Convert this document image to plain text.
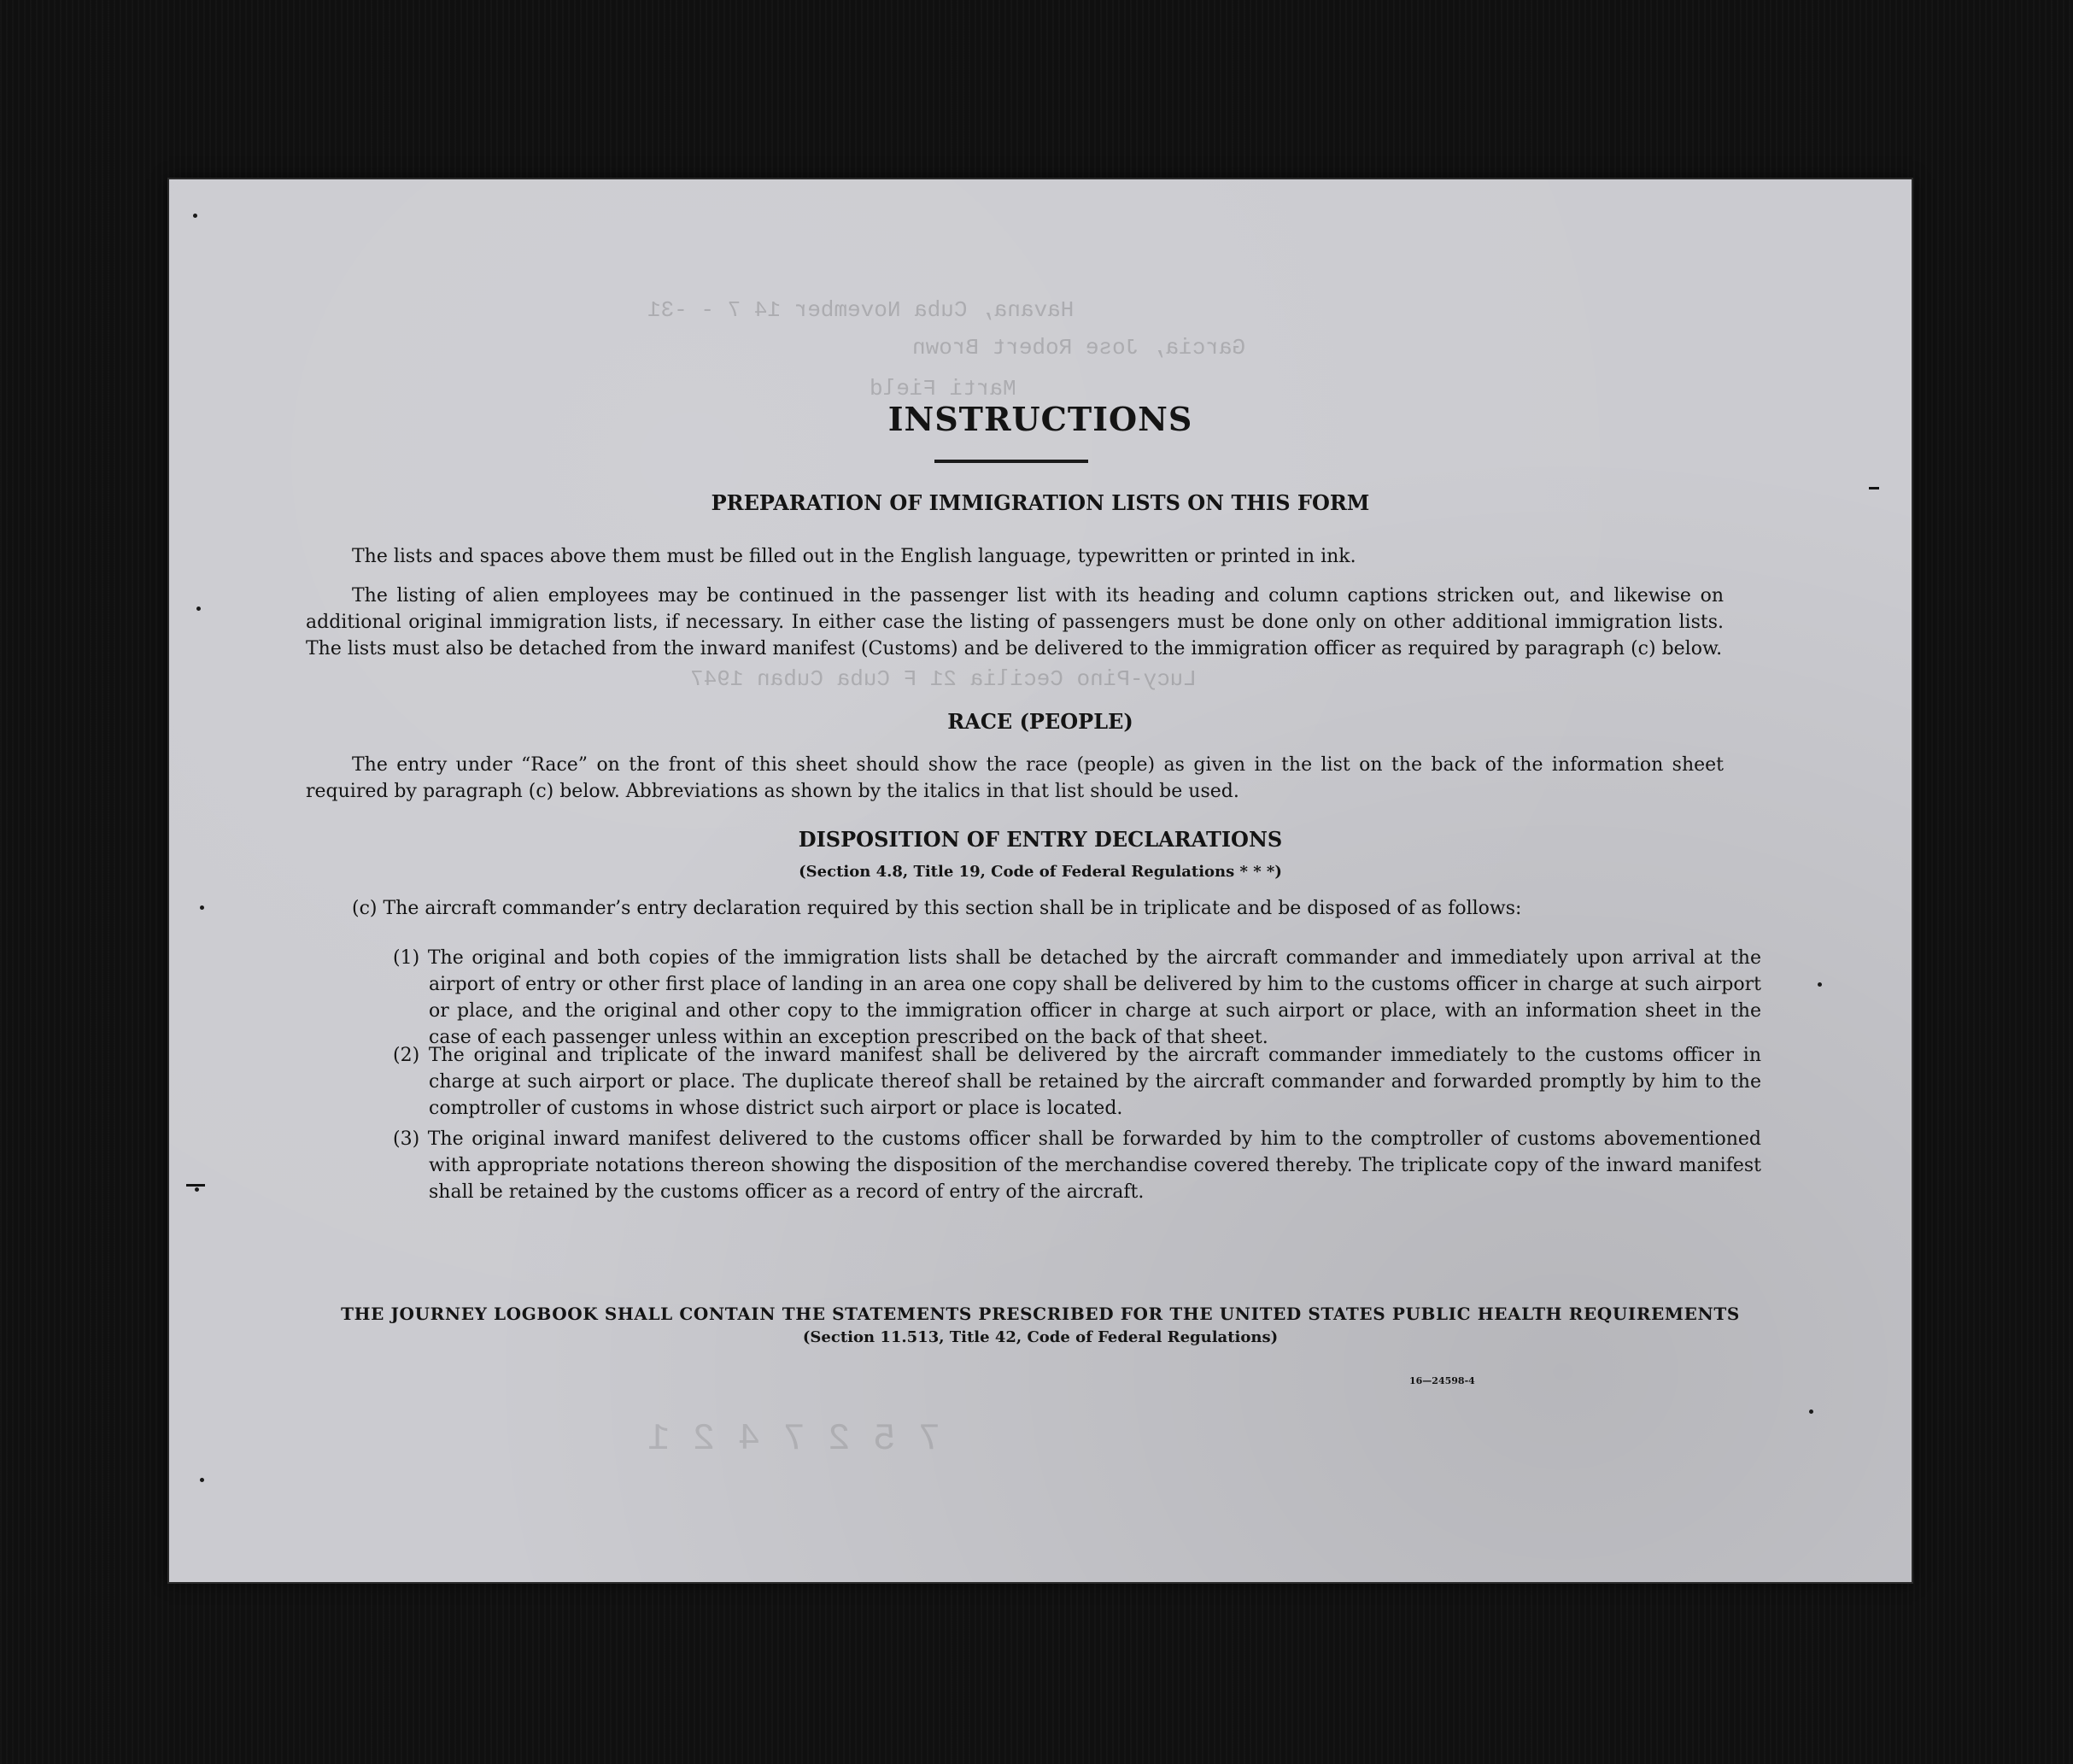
Havana, Cuba November 14 7 - -31
Garcia, Jose Robert Brown
Marti Field
Lucy-Pino Cecilia 21 F Cuba Cuban 1947
7 5 2 7 4 2 1
INSTRUCTIONS
PREPARATION OF IMMIGRATION LISTS ON THIS FORM

The lists and spaces above them must be filled out in the English language, typewritten or printed in ink.

The listing of alien employees may be continued in the passenger list with its heading and column captions stricken out, and likewise on additional original immigration lists, if necessary. In either case the listing of passengers must be done only on other additional immigration lists. The lists must also be detached from the inward manifest (Customs) and be delivered to the immigration officer as required by paragraph (c) below.

RACE (PEOPLE)

The entry under “Race” on the front of this sheet should show the race (people) as given in the list on the back of the information sheet required by paragraph (c) below. Abbreviations as shown by the italics in that list should be used.

DISPOSITION OF ENTRY DECLARATIONS
(Section 4.8, Title 19, Code of Federal Regulations * * *)

(c) The aircraft commander’s entry declaration required by this section shall be in triplicate and be disposed of as follows:

(1) The original and both copies of the immigration lists shall be detached by the aircraft commander and immediately upon arrival at the airport of entry or other first place of landing in an area one copy shall be delivered by him to the customs officer in charge at such airport or place, and the original and other copy to the immigration officer in charge at such airport or place, with an information sheet in the case of each passenger unless within an exception prescribed on the back of that sheet.

(2) The original and triplicate of the inward manifest shall be delivered by the aircraft commander immediately to the customs officer in charge at such airport or place. The duplicate thereof shall be retained by the aircraft commander and forwarded promptly by him to the comptroller of customs in whose district such airport or place is located.

(3) The original inward manifest delivered to the customs officer shall be forwarded by him to the comptroller of customs abovementioned with appropriate notations thereon showing the disposition of the merchandise covered thereby. The triplicate copy of the inward manifest shall be retained by the customs officer as a record of entry of the aircraft.

THE JOURNEY LOGBOOK SHALL CONTAIN THE STATEMENTS PRESCRIBED FOR THE UNITED STATES PUBLIC HEALTH REQUIREMENTS
(Section 11.513, Title 42, Code of Federal Regulations)
16—24598-4
